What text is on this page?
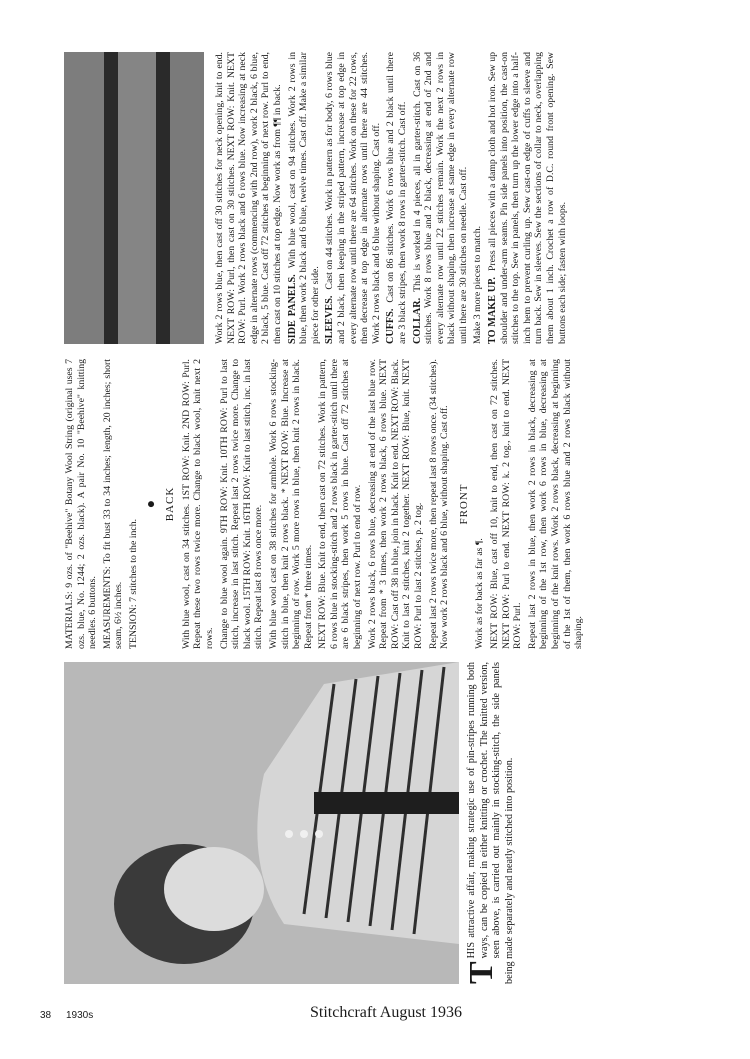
T
HIS attractive affair, making strategic use of pin-stripes running both ways, can be copied in either knitting or crochet. The knitted version, seen above, is carried out mainly in stocking-stitch, the side panels being made separately and neatly stitched into position.

MATERIALS: 9 ozs. of "Beehive" Botany Wool String (original uses 7 ozs. blue, No. 1244; 2 ozs. black). A pair No. 10 "Beehive" knitting needles. 6 buttons. MEASUREMENTS: To fit bust 33 to 34 inches; length, 20 inches; short seam, 6½ inches. TENSION: 7 stitches to the inch.

● BACK With blue wool, cast on 34 stitches. 1ST ROW: Knit. 2ND ROW: Purl. Repeat these two rows twice more. Change to black wool, knit next 2 rows. Change to blue wool again. 9TH ROW: Knit. 10TH ROW: Purl to last stitch, increase in last stitch. Repeat last 2 rows twice more. Change to black wool. 15TH ROW: Knit. 16TH ROW: Knit to last stitch, inc. in last stitch. Repeat last 8 rows once more. With blue wool cast on 38 stitches for armhole. Work 6 rows stocking-stitch in blue, then knit 2 rows black. * NEXT ROW: Blue. Increase at beginning of row. Work 5 more rows in blue, then knit 2 rows in black. Repeat from * three times. NEXT ROW: Blue. Knit to end, then cast on 72 stitches. Work in pattern, 6 rows blue in stocking-stitch and 2 rows black in garter-stitch until there are 6 black stripes, then work 5 rows in blue. Cast off 72 stitches at beginning of next row. Purl to end of row. Work 2 rows black, 6 rows blue, decreasing at end of the last blue row. Repeat from * 3 times, then work 2 rows black, 6 rows blue. NEXT ROW: Cast off 38 in blue, join in black. Knit to end. NEXT ROW: Black. Knit to last 2 stitches, knit 2 together. NEXT ROW: Blue, knit. NEXT ROW: Purl to last 2 stitches, p. 2 tog. Repeat last 2 rows twice more, then repeat last 8 rows once. (34 stitches). Now work 2 rows black and 6 blue, without shaping. Cast off. FRONT

Work as for back as far as ¶. NEXT ROW: Blue, cast off 10, knit to end, then cast on 72 stitches. NEXT ROW: Purl to end. NEXT ROW: k. 2 tog., knit to end. NEXT ROW: Purl. Repeat last 2 rows in blue, then work 2 rows in black, decreasing at beginning of the 1st row, then work 6 rows in blue, decreasing at beginning of the knit rows. Work 2 rows black, decreasing at beginning of the 1st of them, then work 6 rows blue and 2 rows black without shaping.

Work 2 rows blue, then cast off 30 stitches for neck opening, knit to end. NEXT ROW: Purl, then cast on 30 stitches. NEXT ROW: Knit. NEXT ROW: Purl. Work 2 rows black and 6 rows blue. Now increasing at neck edge in alternate rows (commencing with 2nd row), work 2 black, 6 blue, 2 black, 5 blue. Cast off 72 stitches at beginning of next row. Purl to end, then cast on 10 stitches at top edge. Now work as from ¶¶ in back. SIDE PANELS.With blue wool, cast on 94 stitches. Work 2 rows in blue, then work 2 black and 6 blue, twelve times. Cast off. Make a similar piece for other side. SLEEVES.Cast on 44 stitches. Work in pattern as for body, 6 rows blue and 2 black, then keeping in the striped pattern, increase at top edge in every alternate row until there are 64 stitches. Work on these for 22 rows, then decrease at top edge in alternate rows until there are 44 stitches. Work 2 rows black and 6 blue without shaping. Cast off. CUFFS.Cast on 86 stitches. Work 6 rows blue and 2 black until there are 3 black stripes, then work 8 rows in garter-stitch. Cast off. COLLAR.This is worked in 4 pieces, all in garter-stitch. Cast on 36 stitches. Work 8 rows blue and 2 black, decreasing at end of 2nd and every alternate row until 22 stitches remain. Work the next 2 rows in black without shaping, then increase at same edge in every alternate row until there are 30 stitches on needle. Cast off. Make 3 more pieces to match. TO MAKE UP.Press all pieces with a damp cloth and hot iron. Sew up shoulder and under-arm seams. Pin side panels into position, the cast-on stitches to the top. Sew in panels, then turn up the lower edge into a half-inch hem to prevent curling up. Sew cast-on edge of cuffs to sleeve and turn back. Sew in sleeves. Sew the sections of collar to neck, overlapping them about 1 inch. Crochet a row of D.C. round front opening. Sew buttons each side; fasten with loops.

38 1930s	Stitchcraft August 1936
